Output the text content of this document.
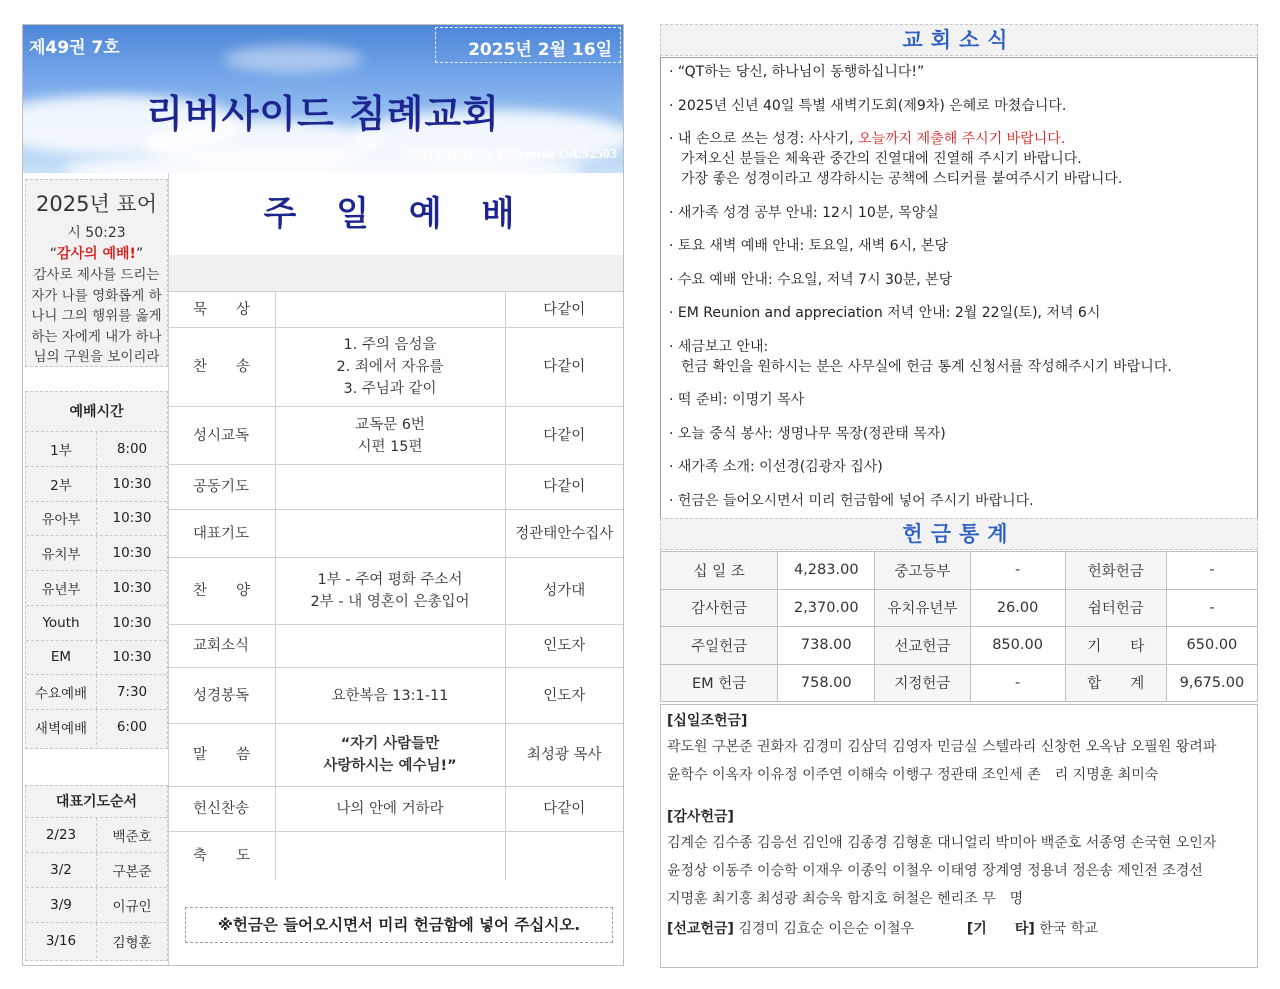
제49권 7호	2025년 2월 16일
리버사이드 침례교회
5413 Tyler St. Riverside CA.92503
2025년 표어
시 50:23
“감사의 예배!”
감사로 제사를 드리는 자가 나를 영화롭게 하나니 그의 행위를 옳게 하는 자에게 내가 하나님의 구원을 보이리라
예배시간
1부	8:00
2부	10:30
유아부	10:30
유치부	10:30
유년부	10:30
Youth	10:30
EM	10:30
수요예배	7:30
새벽예배	6:00
대표기도순서
2/23	백준호
3/2	구본준
3/9	이규인
3/16	김형훈
주 일 예 배
묵　　상		다같이
찬　　송	1. 주의 음성을
2. 죄에서 자유를
3. 주님과 같이	다같이
성시교독	교독문 6번
시편 15편	다같이
공동기도		다같이
대표기도		정관태안수집사
찬　　양	1부 - 주여 평화 주소서
2부 - 내 영혼이 은총입어	성가대
교회소식		인도자
성경봉독	요한복음 13:1-11	인도자
말　　씀	“자기 사람들만
사랑하시는 예수님!”	최성광 목사
헌신찬송	나의 안에 거하라	다같이
축　　도		
※헌금은 들어오시면서 미리 헌금함에 넣어 주십시오.
교회소식
· “QT하는 당신, 하나님이 동행하십니다!”
· 2025년 신년 40일 특별 새벽기도회(제9차) 은혜로 마쳤습니다.
· 내 손으로 쓰는 성경: 사사기, 오늘까지 제출해 주시기 바랍니다.
가져오신 분들은 체육관 중간의 진열대에 진열해 주시기 바랍니다.
가장 좋은 성경이라고 생각하시는 공책에 스티커를 붙여주시기 바랍니다.
· 새가족 성경 공부 안내: 12시 10분, 목양실
· 토요 새벽 예배 안내: 토요일, 새벽 6시, 본당
· 수요 예배 안내: 수요일, 저녁 7시 30분, 본당
· EM Reunion and appreciation 저녁 안내: 2월 22일(토), 저녁 6시
· 세금보고 안내:
헌금 확인을 원하시는 분은 사무실에 헌금 통계 신청서를 작성해주시기 바랍니다.
· 떡 준비: 이명기 목사
· 오늘 중식 봉사: 생명나무 목장(정관태 목자)
· 새가족 소개: 이선경(김광자 집사)
· 헌금은 들어오시면서 미리 헌금함에 넣어 주시기 바랍니다.
헌금통계
십 일 조	4,283.00	중고등부	-	헌화헌금	-
감사헌금	2,370.00	유치유년부	26.00	쉼터헌금	-
주일헌금	738.00	선교헌금	850.00	기　　타	650.00
EM 헌금	758.00	지정헌금	-	합　　계	9,675.00
[십일조헌금]
곽도원 구본준 권화자 김경미 김삼덕 김영자 민금실 스텔라리 신창헌 오옥남 오필원 왕려파
윤학수 이옥자 이유정 이주연 이해숙 이행구 정관태 조인세 존　리 지명훈 최미숙
[감사헌금]
김계순 김수종 김응선 김인애 김종경 김형훈 대니얼리 박미아 백준호 서종영 손국현 오인자
윤정상 이동주 이승학 이재우 이종익 이철우 이태영 장계영 정용녀 정은송 제인전 조경선
지명훈 최기홍 최성광 최승욱 함지호 허철은 헨리조 무　명
[선교헌금] 김경미 김효순 이은순 이철우	[기　　타] 한국 학교
